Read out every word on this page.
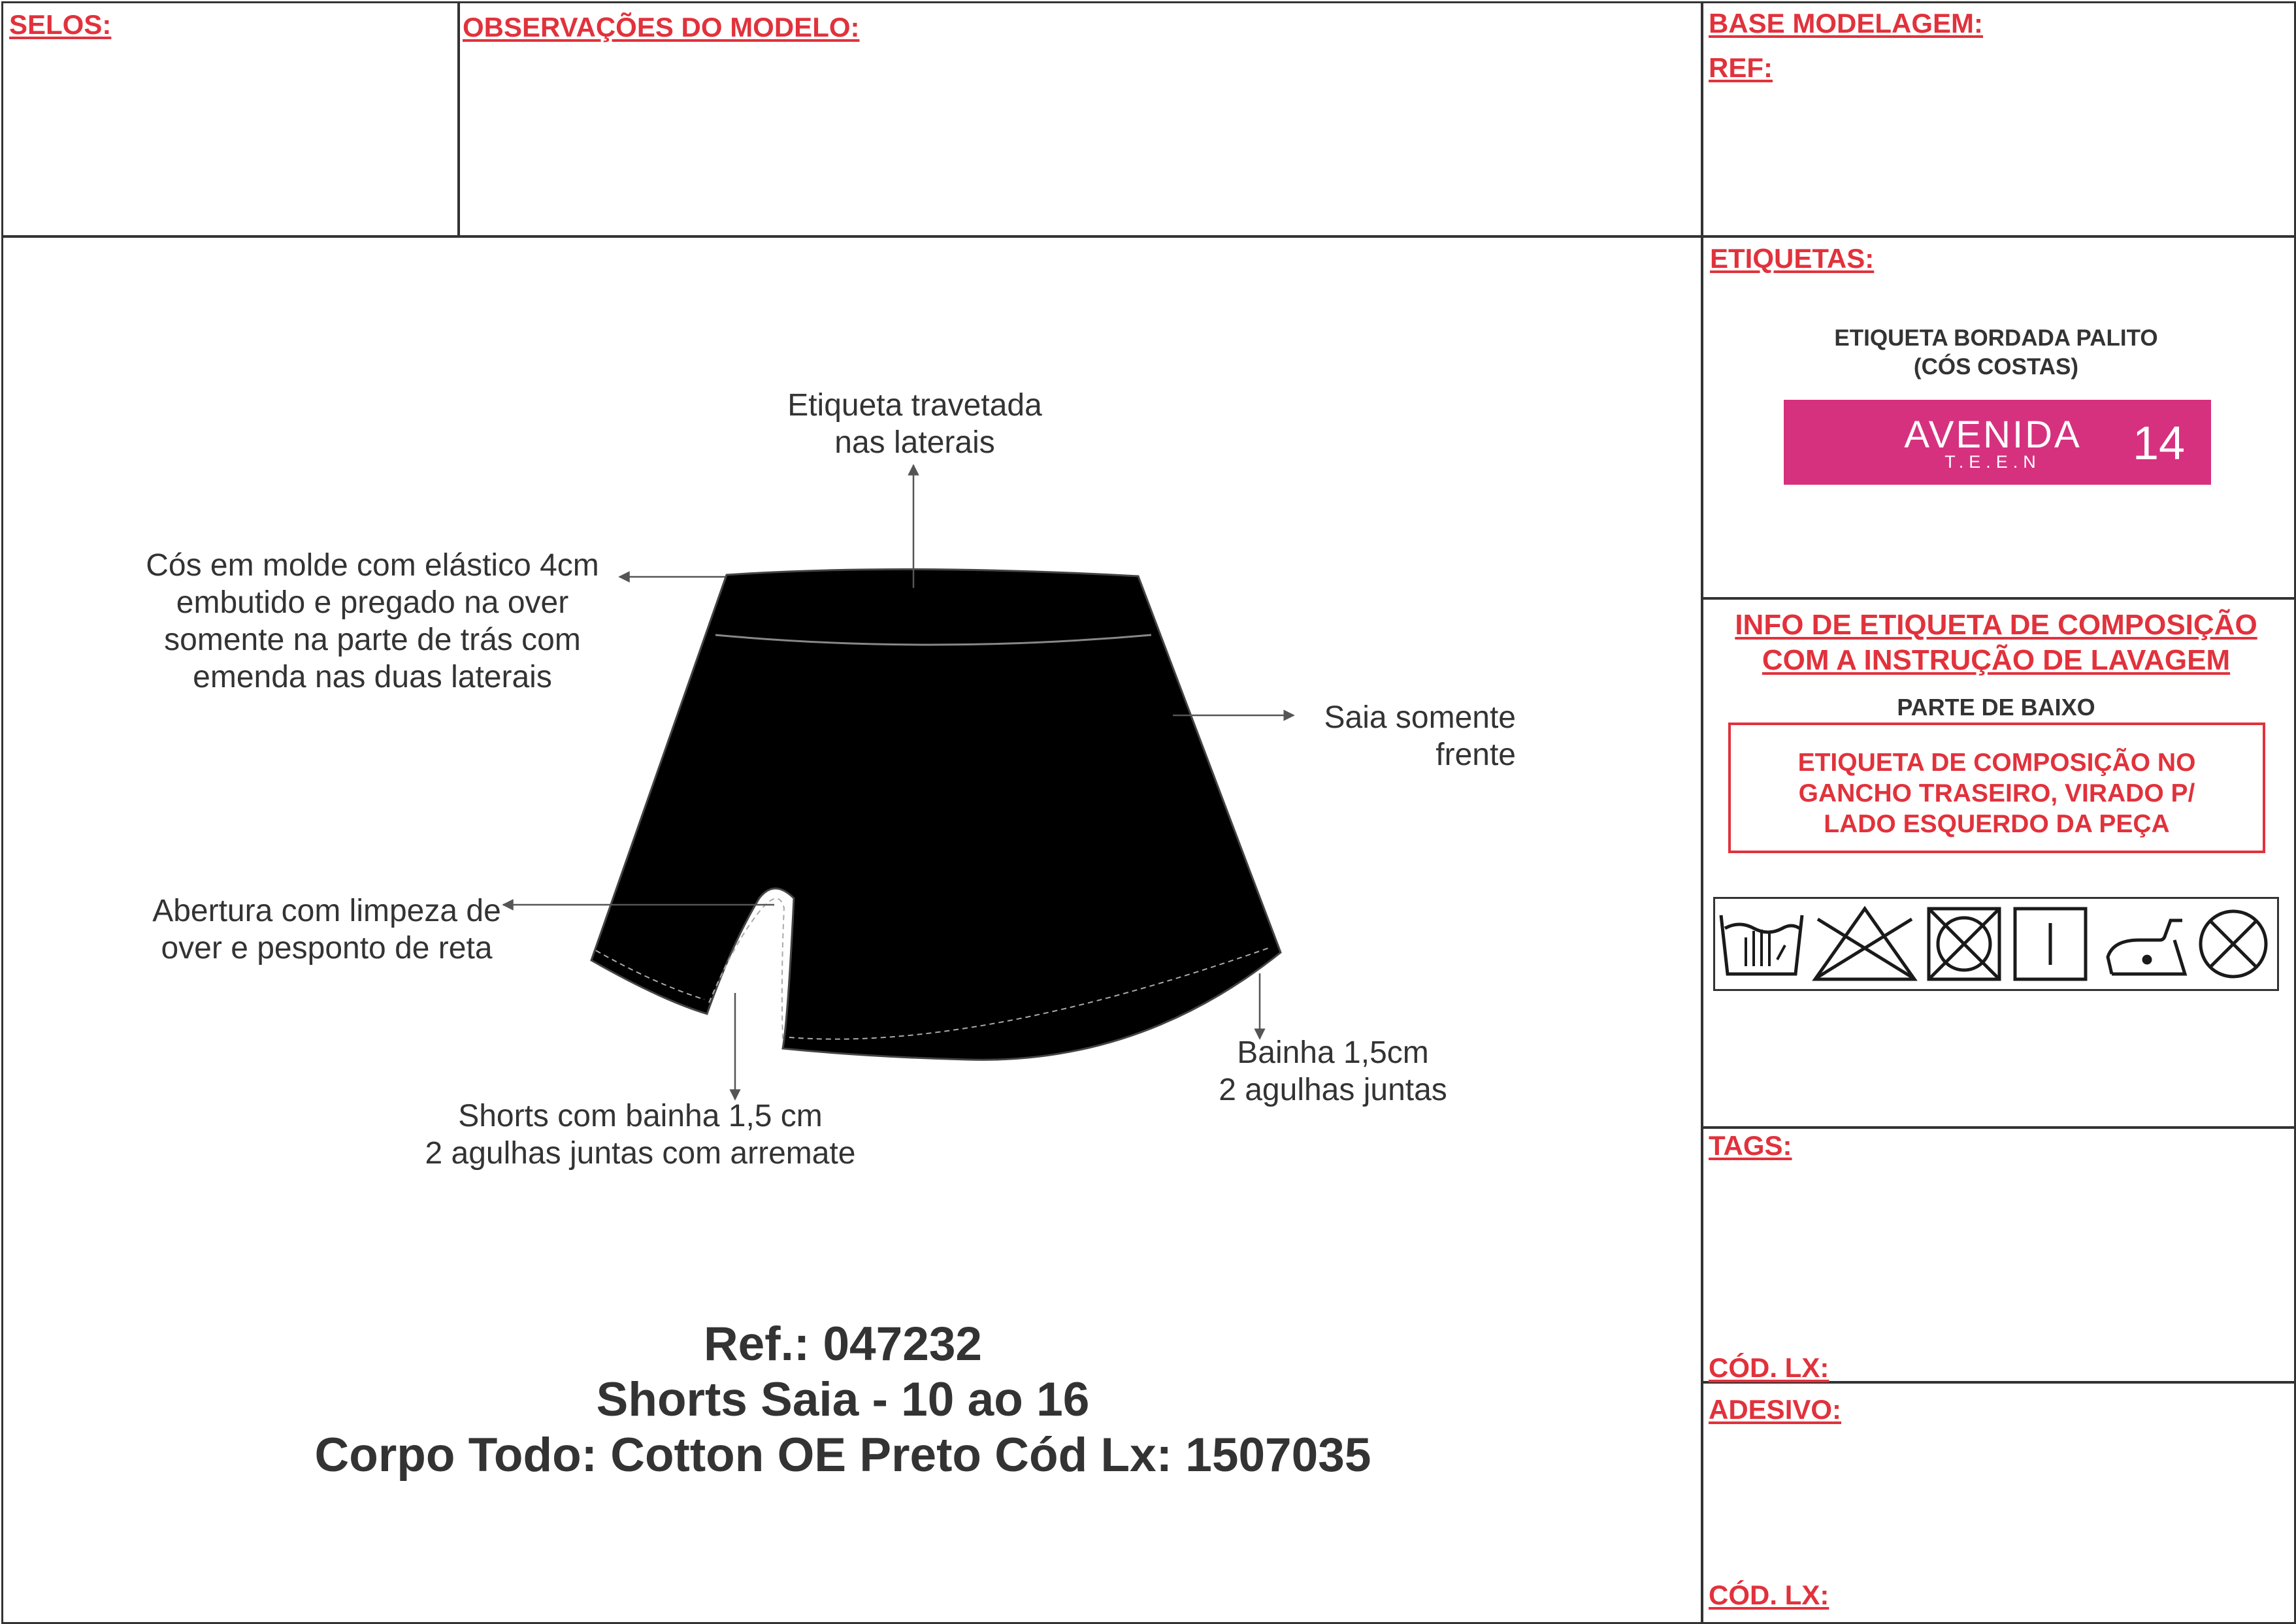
SELOS:	OBSERVAÇÕES DO MODELO:	BASE MODELAGEM:
REF:
Etiqueta travetada
nas laterais
Cós em molde com elástico 4cm
embutido e pregado na over
somente na parte de trás com
emenda nas duas laterais
Saia somente
frente
Abertura com limpeza de
over e pesponto de reta
Bainha 1,5cm
2 agulhas juntas
Shorts com bainha 1,5 cm
2 agulhas juntas com arremate
Ref.: 047232
Shorts Saia - 10 ao 16
Corpo Todo: Cotton OE Preto Cód Lx: 1507035
ETIQUETAS:
ETIQUETA BORDADA PALITO
(CÓS COSTAS)
AVENIDA
T.E.E.N	14
INFO DE ETIQUETA DE COMPOSIÇÃO
COM A INSTRUÇÃO DE LAVAGEM
PARTE DE BAIXO
ETIQUETA DE COMPOSIÇÃO NO
GANCHO TRASEIRO, VIRADO P/
LADO ESQUERDO DA PEÇA
TAGS:
CÓD. LX:
ADESIVO:
CÓD. LX:
